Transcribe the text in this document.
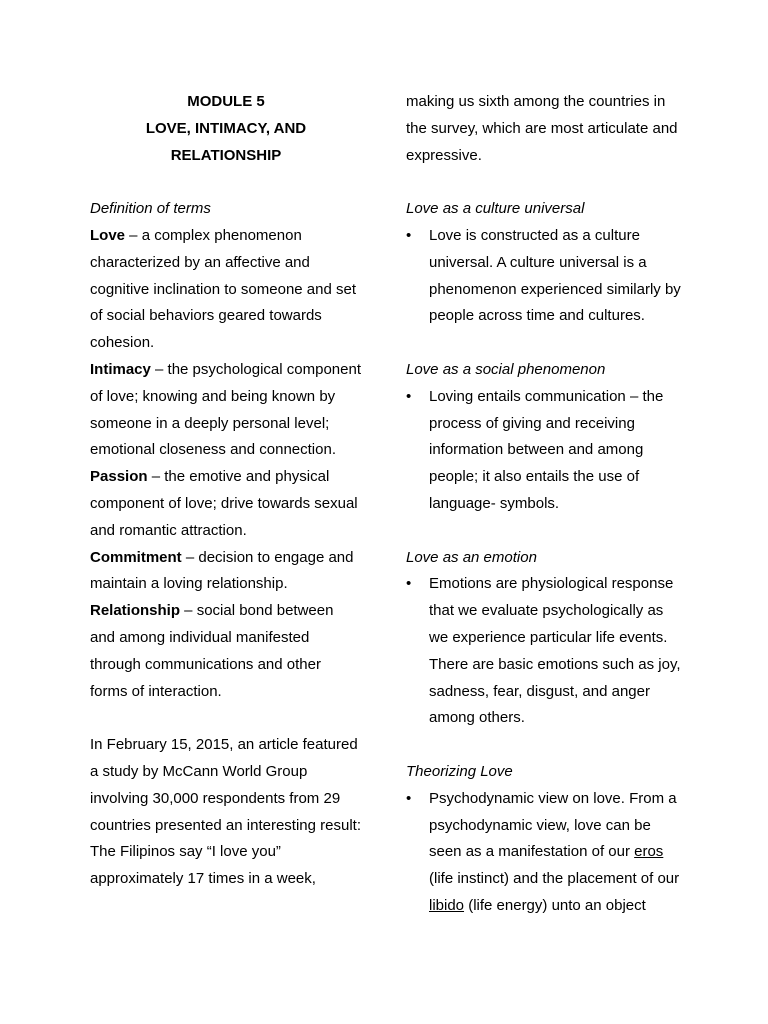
MODULE 5
LOVE, INTIMACY, AND
RELATIONSHIP

Definition of terms

Love – a complex phenomenon characterized by an affective and cognitive inclination to someone and set of social behaviors geared towards cohesion.

Intimacy – the psychological component of love; knowing and being known by someone in a deeply personal level; emotional closeness and connection.

Passion – the emotive and physical component of love; drive towards sexual and romantic attraction.

Commitment – decision to engage and maintain a loving relationship.

Relationship – social bond between and among individual manifested through communications and other forms of interaction.

In February 15, 2015, an article featured a study by McCann World Group involving 30,000 respondents from 29 countries presented an interesting result: The Filipinos say “I love you” approximately 17 times in a week,

making us sixth among the countries in the survey, which are most articulate and expressive.

Love as a culture universal

•	Love is constructed as a culture universal. A culture universal is a phenomenon experienced similarly by people across time and cultures.

Love as a social phenomenon

•	Loving entails communication – the process of giving and receiving information between and among people; it also entails the use of language- symbols.

Love as an emotion

•	Emotions are physiological response that we evaluate psychologically as we experience particular life events. There are basic emotions such as joy, sadness, fear, disgust, and anger among others.

Theorizing Love

•	Psychodynamic view on love. From a psychodynamic view, love can be seen as a manifestation of our eros (life instinct) and the placement of our libido (life energy) unto an object
